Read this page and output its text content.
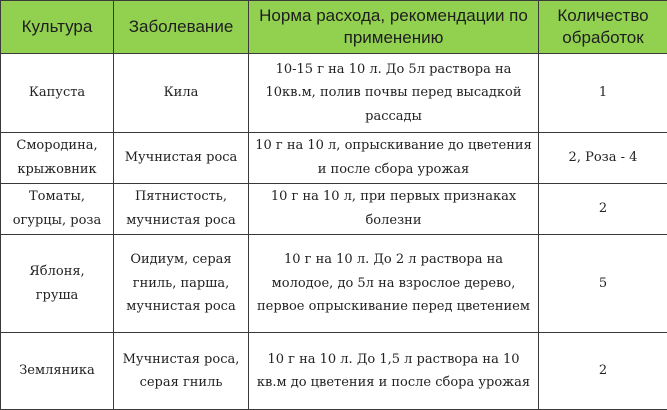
Культура	Заболевание	Норма расхода, рекомендации по применению	Количество обработок
Капуста	Кила	10-15 г на 10 л. До 5л раствора на 10кв.м, полив почвы перед высадкой рассады	1
Смородина, крыжовник	Мучнистая роса	10 г на 10 л, опрыскивание до цветения и после сбора урожая	2, Роза - 4
Томаты, огурцы, роза	Пятнистость, мучнистая роса	10 г на 10 л, при первых признаках болезни	2
Яблоня, груша	Оидиум, серая гниль, парша, мучнистая роса	10 г на 10 л. До 2 л раствора на молодое, до 5л на взрослое дерево, первое опрыскивание перед цветением	5
Земляника	Мучнистая роса, серая гниль	10 г на 10 л. До 1,5 л раствора на 10 кв.м до цветения и после сбора урожая	2
